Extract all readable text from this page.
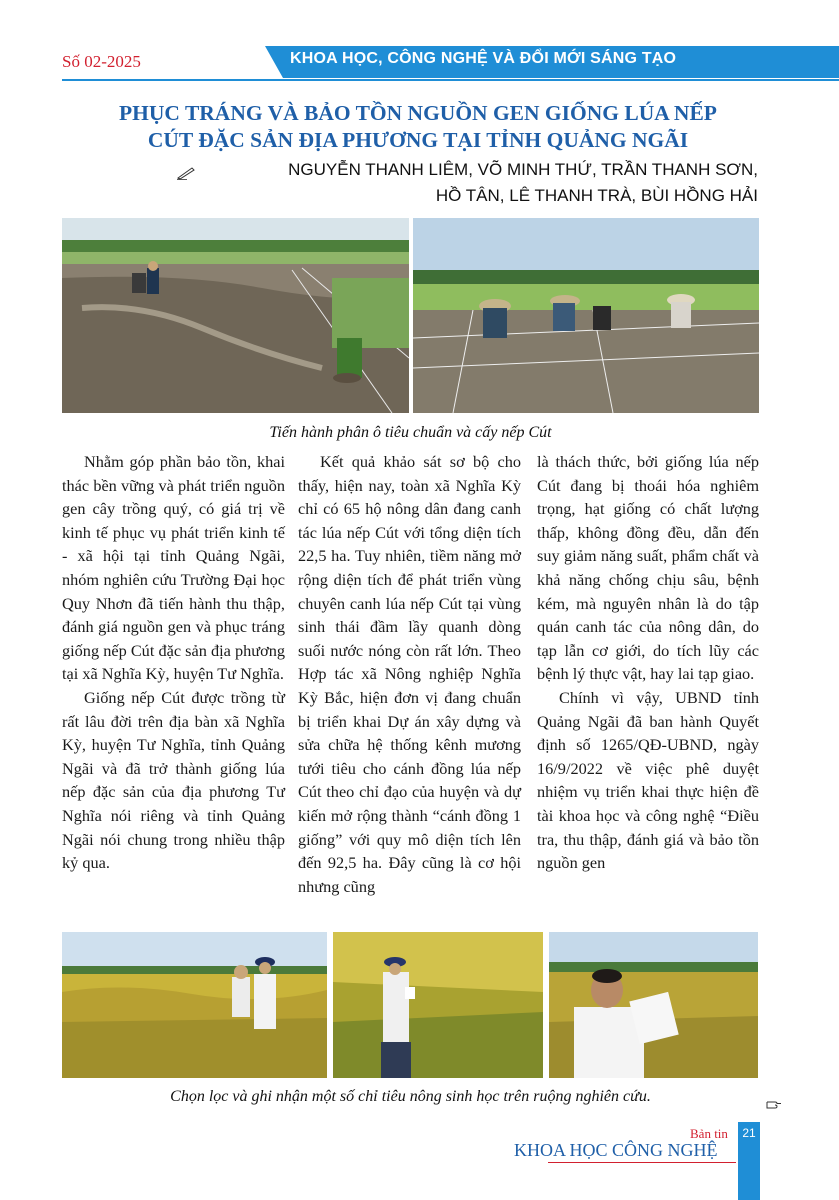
Số 02-2025	KHOA HỌC, CÔNG NGHỆ VÀ ĐỔI MỚI SÁNG TẠO
PHỤC TRÁNG VÀ BẢO TỒN NGUỒN GEN GIỐNG LÚA NẾP
CÚT ĐẶC SẢN ĐỊA PHƯƠNG TẠI TỈNH QUẢNG NGÃI
NGUYỄN THANH LIÊM, VÕ MINH THỨ, TRẦN THANH SƠN,
HỒ TÂN, LÊ THANH TRÀ, BÙI HỒNG HẢI
Tiến hành phân ô tiêu chuẩn và cấy nếp Cút

Nhằm góp phần bảo tồn, khai thác bền vững và phát triển nguồn gen cây trồng quý, có giá trị về kinh tế phục vụ phát triển kinh tế - xã hội tại tỉnh Quảng Ngãi, nhóm nghiên cứu Trường Đại học Quy Nhơn đã tiến hành thu thập, đánh giá nguồn gen và phục tráng giống nếp Cút đặc sản địa phương tại xã Nghĩa Kỳ, huyện Tư Nghĩa.

Giống nếp Cút được trồng từ rất lâu đời trên địa bàn xã Nghĩa Kỳ, huyện Tư Nghĩa, tỉnh Quảng Ngãi và đã trở thành giống lúa nếp đặc sản của địa phương Tư Nghĩa nói riêng và tỉnh Quảng Ngãi nói chung trong nhiều thập kỷ qua.

Kết quả khảo sát sơ bộ cho thấy, hiện nay, toàn xã Nghĩa Kỳ chỉ có 65 hộ nông dân đang canh tác lúa nếp Cút với tổng diện tích 22,5 ha. Tuy nhiên, tiềm năng mở rộng diện tích để phát triển vùng chuyên canh lúa nếp Cút tại vùng sinh thái đầm lầy quanh dòng suối nước nóng còn rất lớn. Theo Hợp tác xã Nông nghiệp Nghĩa Kỳ Bắc, hiện đơn vị đang chuẩn bị triển khai Dự án xây dựng và sửa chữa hệ thống kênh mương tưới tiêu cho cánh đồng lúa nếp Cút theo chỉ đạo của huyện và dự kiến mở rộng thành “cánh đồng 1 giống” với quy mô diện tích lên đến 92,5 ha. Đây cũng là cơ hội nhưng cũng

là thách thức, bởi giống lúa nếp Cút đang bị thoái hóa nghiêm trọng, hạt giống có chất lượng thấp, không đồng đều, dẫn đến suy giảm năng suất, phẩm chất và khả năng chống chịu sâu, bệnh kém, mà nguyên nhân là do tập quán canh tác của nông dân, do tạp lẫn cơ giới, do tích lũy các bệnh lý thực vật, hay lai tạp giao.

Chính vì vậy, UBND tỉnh Quảng Ngãi đã ban hành Quyết định số 1265/QĐ-UBND, ngày 16/9/2022 về việc phê duyệt nhiệm vụ triển khai thực hiện đề tài khoa học và công nghệ “Điều tra, thu thập, đánh giá và bảo tồn nguồn gen

Chọn lọc và ghi nhận một số chỉ tiêu nông sinh học trên ruộng nghiên cứu.
Bản tin
KHOA HỌC CÔNG NGHỆ
21
